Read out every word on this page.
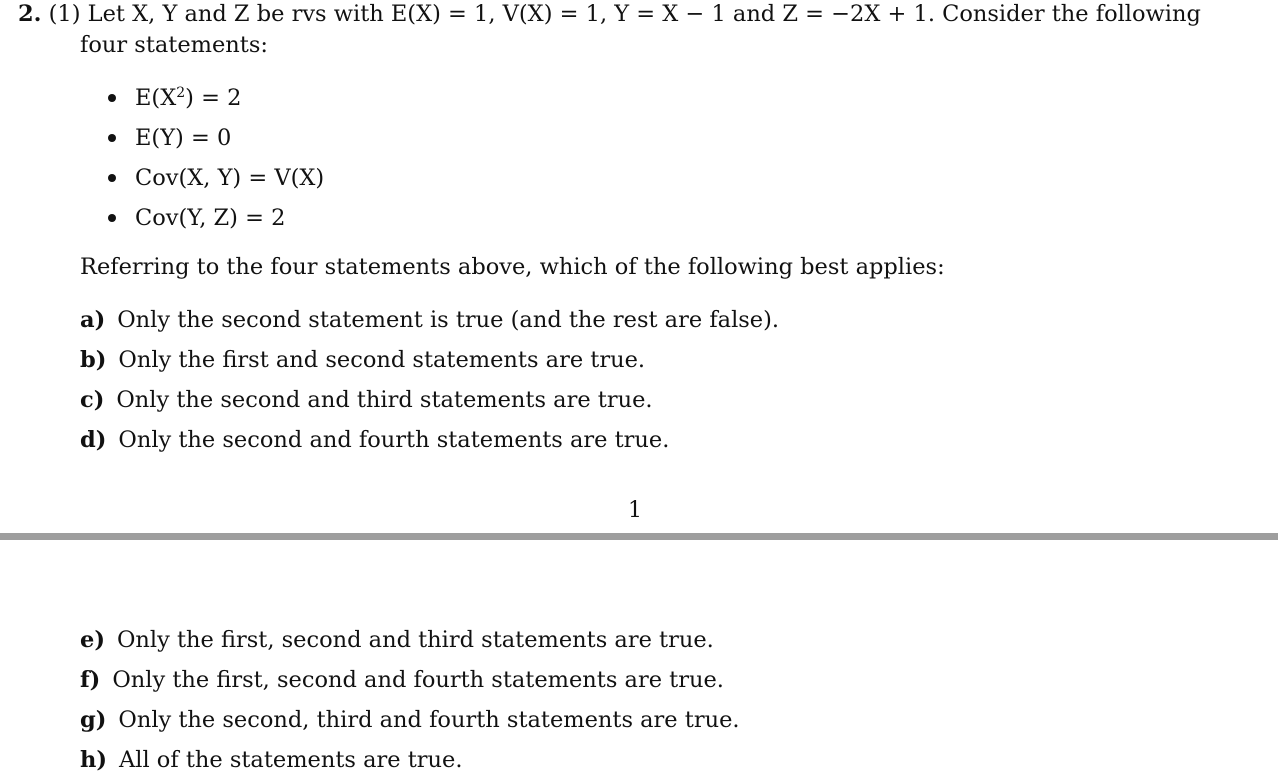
2. (1) Let X, Y and Z be rvs with E(X) = 1, V(X) = 1, Y = X − 1 and Z = −2X + 1. Consider the following
four statements:
$E(X^2) = 2$
E(Y) = 0
Cov(X, Y) = V(X)
Cov(Y, Z) = 2
Referring to the four statements above, which of the following best applies:
a) Only the second statement is true (and the rest are false).
b) Only the first and second statements are true.
c) Only the second and third statements are true.
d) Only the second and fourth statements are true.
1
e) Only the first, second and third statements are true.
f) Only the first, second and fourth statements are true.
g) Only the second, third and fourth statements are true.
h) All of the statements are true.
